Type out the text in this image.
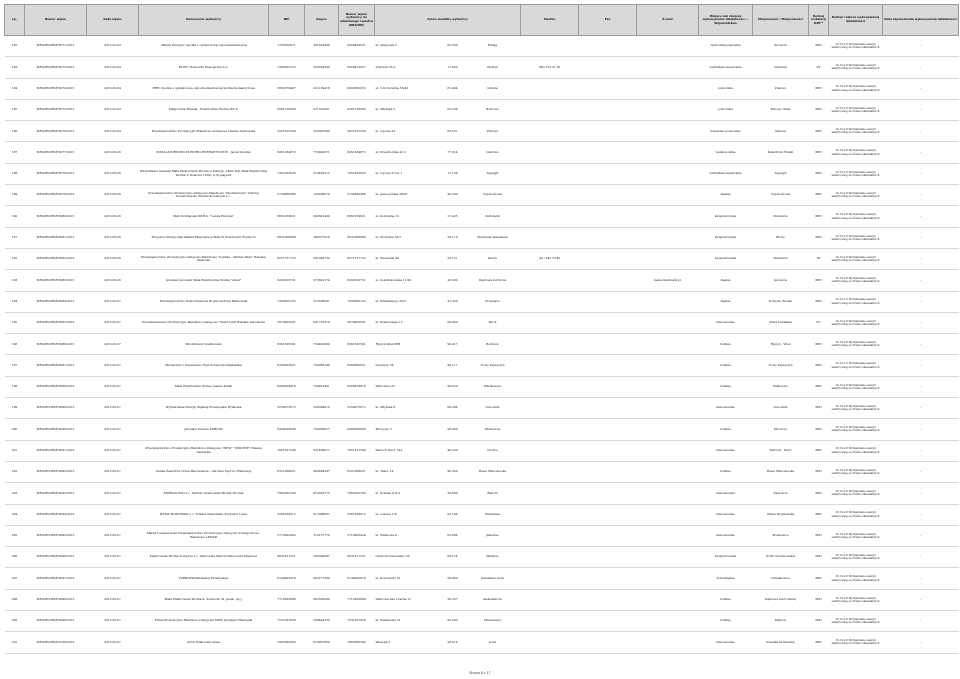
Lp.	Numer wpisu	Data wpisu	Oznaczenie wytwórcy	NIP	Regon	Numer wpisu wytwórcy do właściwego rejestru (KRS/NIP)	Adres siedziby wytwórcy			Telefon	Fax	E-mail	Miejsce lub miejsca wykonywania działalności — Województwo	Miejscowość / Miejscowości	Rodzaj instalacji OZE**	Rodzaj i zakres wykonywanej działalności	Data zaprzestania wykonywania działalności
182	MEOZE/DRSF/0071/2015	2015-05-04	„Wanny Energia” Spółka z ograniczoną odpowiedzialnością	1793530871	281624498	0000432031	ul. Akacjowa 2	82-300	Elbląg				zachodniopomorskie	Szczecin	MEI	10.13.2.Z Wytwarzanie energii elektrycznej ze źródeł odnawialnych	–
183	MEOZE/DRSF/0072/2015	2015-05-04	ELTEC Networks Energetyka S.A.	7393532722	324534390	0000413827	Dobrzeń 35-2	11-002	Olsztyn	(89) 512 21 06			warmińsko-mazurskie	Dobrzeń	PV	10.13.2.Z Wytwarzanie energii elektrycznej ze źródeł odnawialnych	–
184	MEOZE/DRSF/0074/2015	2015-05-04	TERC Spółka z ograniczoną odpowiedzialnością Spółka Komandytowa	5862379407	221139418	0000362052	ul. C.K.Norwida 55/42	81-404	Gdynia				pomorskie	Żukowo	MEI	10.13.2.Z Wytwarzanie energii elektrycznej ze źródeł odnawialnych	–
185	MEOZE/DRSF/0075/2015	2015-05-04	Małgorzata Brzeski - Elektrownia Wodna WG P.	9581158060	221523091	9581158060	ul. Młyńska 2	83-234	Bobrowo				pomorskie	Bobowo Małe	MEI	10.13.2.Z Wytwarzanie energii elektrycznej ze źródeł odnawialnych	–
186	MEOZE/DRSF/0076/2015	2015-05-04	Przedsiębiorstwo Produkcyjno-Handlowo-Usługowe Helena Tarkowska	5921615229	220381990	5921615229	ul. Lipowa 23	83-221	Pinczyn				kujawsko-pomorskie	Świecie	MEI	10.13.2.Z Wytwarzanie energii elektrycznej ze źródeł odnawialnych	–
187	MEOZE/DRSF/0077/2015	2015-05-06	INSTALATORSTWO ELEKTRO-ENERGETYCZNE - Jacek Słowiko	8451284872	770942071	8451284872	ul. Przechodnia 4/12	77-314	Debrzno				wielkopolskie	Kalsztrzyn Wielki	MEI	10.13.2.Z Wytwarzanie energii elektrycznej ze źródeł odnawialnych	–
188	MEOZE/DRSF/0078/2015	2015-05-06	Włodzimierz Szmatik Mała Elektrownia Wodna w Pisnyju, ABSA Bok Mała Elektrownia Wodna w Dziecku z Pilzy w Sypiąpach	7451952626	510492312	7451952626	ul. Lipowa 3 lok. 1	11-134	Sypiąpli				warmińsko-mazurskie	Sypiąpli	MEI	10.13.2.Z Wytwarzanie energii elektrycznej ze źródeł odnawialnych	–
189	MEOZE/DRSF/0079/2015	2015-05-06	Przedsiębiorstwo Produkcyjno-Usługowo-Handlowe "Mechanrolus" Andrzej Kowalczewski, Roman Kowalczyk s.c.	5730480486	150298074	5730480486	ul. Jasnogórska 38/25	42-200	Częstochowa				śląskie	Częstochowa	MEI	10.13.2.Z Wytwarzanie energii elektrycznej ze źródeł odnawialnych	–
190	MEOZE/DRSF/0080/2015	2015-05-06	Marcin Kitaczek P.P.H.U. "Lanza Energia"	8661259621	292841409	8661259621	ul. Kościelna 16	27-425	Ostrołęcki				świętokrzyskie	Chmielów	MEI	10.13.2.Z Wytwarzanie energii elektrycznej ze źródeł odnawialnych	–
191	MEOZE/DRSF/0081/2015	2015-05-06	Krzysztof Skrzypczak Zakład Eksploatacji Małych Elektrowni Wodnych	6631006966	290377916	6631006966	ul. Morwska 18/7	26-110	Skarżysko-Kamienna				świętokrzyskie	Brody	MEI	10.13.2.Z Wytwarzanie energii elektrycznej ze źródeł odnawialnych	–
192	MEOZE/DRSF/0082/2015	2015-05-06	Przedsiębiorstwo Produkcyjno-Usługowo-Handlowe "Celinka - Marian Walo" Wiesław Stańczak	6571757722	291048732	6571757722	ul. Wiosenna 48	25-121	Kielce	(41) 345 23 46			świętokrzyskie	Chmielów	Wi	10.13.2.Z Wytwarzanie energii elektrycznej ze źródeł odnawialnych	–
193	MEOZE/DRSF/0083/2015	2015-05-06	Jarosław Jeżowski Mała Elektrownia Wodna "Adad"	6292016731	273822174	6292016731	ul. Sokolnikowska 11/29	43-300	Dąbrowa Górnicza			menecmabrek@.pl	śląskie	Jaroszów	MEI	10.13.2.Z Wytwarzanie energii elektrycznej ze źródeł odnawialnych	–
194	MEOZE/DRSF/0084/2015	2015-05-07	Przedsiębiorstwo Wielobranżowe Bogan Andrzej Bielkowski	7430005125	510539091	7430005125	ul. Pilzańskiego 30/3	41-300	Prusiejów				śląskie	Kobusie, Rozaik	MEI	10.13.2.Z Wytwarzanie energii elektrycznej ze źródeł odnawialnych	–
195	MEOZE/DRSF/0085/2015	2015-05-07	Przedsiębiorstwo Produkcyjno-Handlowo-Usługowe "WALT-GAZ Wiesław Szkolnicki	5670005631	001725318	5670005631	ul. Kramolonga 12	09-400	Płock				mazowieckie	Stara Łubianka	EC	10.13.2.Z Wytwarzanie energii elektrycznej ze źródeł odnawialnych	–
196	MEOZE/DRSF/0086/2015	2015-05-07	Włodzimierz Szadkowski	8361505591	750462989	8361505591	Rypiyn-Wieś 88B	99-417	Bolimów				łódzkie	Rypiyn - Wieś	MEI	10.13.2.Z Wytwarzanie energii elektrycznej ze źródeł odnawialnych	–
197	MEOZE/DRSF/0087/2015	2015-05-07	Mlynarstwo i Kaszarstwo Ewa Konieczyk-Sapilańska	8360092921	750085346	8360092921	Sobanow 34	96-111	Nowy Kawęczyn				łódzkie	Nowy Kawęczyn	MEI	10.13.2.Z Wytwarzanie energii elektrycznej ze źródeł odnawialnych	–
198	MEOZE/DRSF/0088/2015	2015-05-07	Mała Elektrownia Wodna Joanna Kubik	8280234818	730921491	8280234818	Wilkowice 55	99-220	Wartkowice				łódzkie	Wilkowice	MEI	10.13.2.Z Wytwarzanie energii elektrycznej ze źródeł odnawialnych	–
199	MEOZE/DRSF/0089/2015	2015-05-07	Wytwarzanie Energii Śląskiej Przemysław Rynarska	5250075672	520384612	5250075672	ul. Młyńska 6	09-304	Lubowidz				mazowieckie	Lubowidz	MEI	10.13.2.Z Wytwarzanie energii elektrycznej ze źródeł odnawialnych	–
200	MEOZE/DRSF/0090/2015	2015-05-07	Jarosław Poszwa KOBUSZ	6490028806	750036977	6490028806	Mrozowy 2	98-400	Wieruszów				łódzkie	Mrozowy	MEI	10.13.2.Z Wytwarzanie energii elektrycznej ze źródeł odnawialnych	–
201	MEOZE/DRSF/0091/2015	2015-05-07	Przedsiębiorstwo Produkcyjno-Handlowo-Usługowe "MEW" "ZMINEIE" Helena Garbacka	7651521299	521409017	7651521299	Smroch Dwór 14A	46-229	Gorlice				mazowieckie	Smroch - Dwór	MEI	10.13.2.Z Wytwarzanie energii elektrycznej ze źródeł odnawialnych	–
202	MEOZE/DRSF/0092/2015	2015-05-07	Gmina Żelechów Nowa Mazowiecka - Ośrodek Sportu i Rekreacji	8321008021	000684297	8321008021	ul. Tkacz 14	96-300	Rawa Mazowiecka				łódzkie	Rawa Mazowiecka	MEI	10.13.2.Z Wytwarzanie energii elektrycznej ze źródeł odnawialnych	–
203	MEOZE/DRSF/0093/2015	2015-05-07	ENERGO-EKO s.c. Dariusz Guzikowski Michał Wzorek	7962305700	672032775	7962305700	ul. Ściszka 4 m 9	26-600	Radom				mazowieckie	Zamoście	MEI	10.13.2.Z Wytwarzanie energii elektrycznej ze źródeł odnawialnych	–
204	MEOZE/DRSF/0094/2015	2015-05-07	MLEW MOKOWSKI s.c. Tomasz Walosiński, Krzysztof Lipko	5281639012	012388867	5281639012	ul. Lelowa 11b	03-144	Warszawa				mazowieckie	Wólka Mogilewska	MEI	10.13.2.Z Wytwarzanie energii elektrycznej ze źródeł odnawialnych	–
205	MEOZE/DRSF/0095/2015	2015-05-07	Marek Lewandowski Przedsiębiorstwo Produkcyjno-Usługowo-Transportowo-Handlowe LEMAR	5710005424	110137774	5710005424	ul. Wiśniowa 6	05-604	Jasieniec				mazowieckie	Prusiewice	MEI	10.13.2.Z Wytwarzanie energii elektrycznej ze źródeł odnawialnych	–
206	MEOZE/DRSF/0096/2015	2015-05-07	Elektrownia Wodna Podgórze s.c. Zabrowski Marcin Zabrowski Zbigniew	8631611221	290540697	8631611221	Górki Szczukowskie 56	08-174	Wiśniów				świętokrzyskie	Górki Szczukowskie	MEI	10.13.2.Z Wytwarzanie energii elektrycznej ze źródeł odnawialnych	–
207	MEOZE/DRSF/0097/2015	2015-05-07	TURBOPW-Kindlasiuj Przemysław	6140002019	002277384	6140002019	ul. Kościuszki 19	58-400	Kamienna Góra				dolnośląskie	Dziadkowice	MEI	10.13.2.Z Wytwarzanie energii elektrycznej ze źródeł odnawialnych	–
208	MEOZE/DRSF/0098/2015	2015-05-07	Mała Elektrownia Wodna K. Sowiecki, M. Jacek, Sp.j.	7712632898	002565094	7712632898	Dąbrowa nad Czarną 21	26-337	Aleksandrów				łódzkie	Dąbrowa nad Czarną	MEI	10.13.2.Z Wytwarzanie energii elektrycznej ze źródeł odnawialnych	–
209	MEOZE/DRSF/0099/2015	2015-05-07	Firma Produkcyjno-Handlowo-Usługowa MEW Jarosław Ołtarzeski	7531057956	590444533	7531057956	ul. Fabianicka 31	95-002	Skrzeszewy				łódzkie	Młynów	MEI	10.13.2.Z Wytwarzanie energii elektrycznej ze źródeł odnawialnych	–
210	MEOZE/DRSF/0100/2015	2015-05-07	Artur Wilkowski Anwa	7962993264	670967804	7962993264	Wissoka 5	26-614	Gózd				mazowieckie	Klwatka Królewska	MEI	10.13.2.Z Wytwarzanie energii elektrycznej ze źródeł odnawialnych	–
Strona 8 z 17
